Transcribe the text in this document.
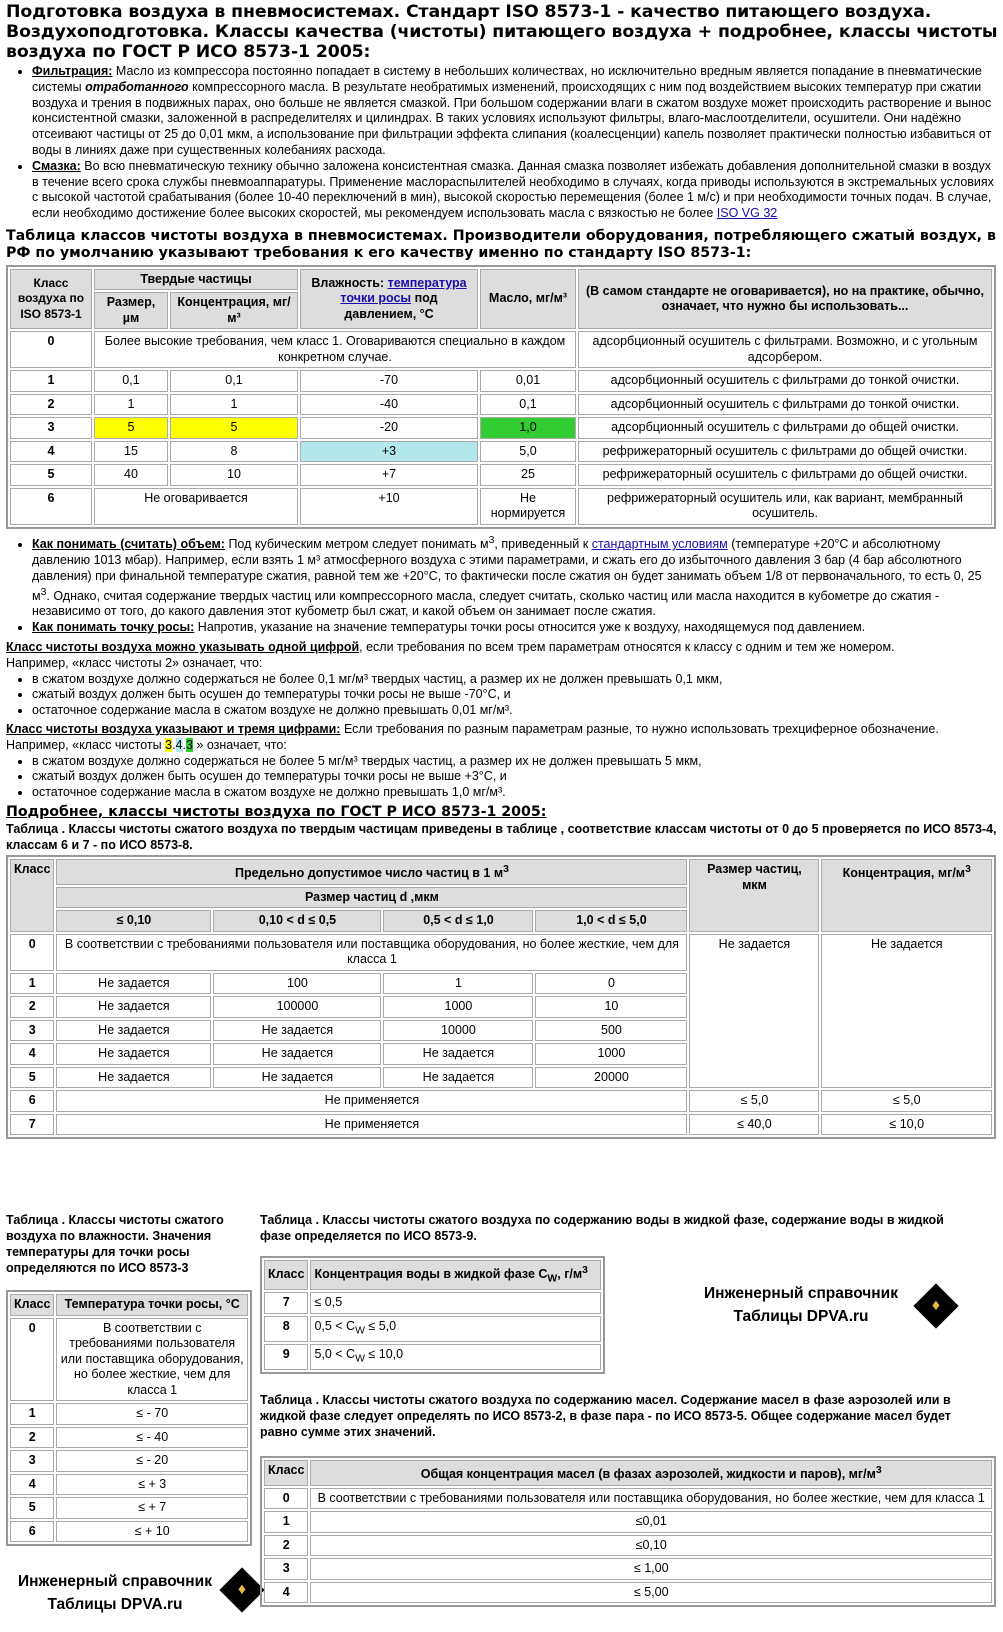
Подготовка воздуха в пневмосистемах. Стандарт ISO 8573-1 - качество питающего воздуха. Воздухоподготовка. Классы качества (чистоты) питающего воздуха + подробнее, классы чистоты воздуха по ГОСТ Р ИСО 8573-1 2005:
• Фильтрация: Масло из компрессора постоянно попадает в систему в небольших количествах, но исключительно вредным является попадание в пневматические системы отработанного компрессорного масла. В результате необратимых изменений, происходящих с ним под воздействием высоких температур при сжатии воздуха и трения в подвижных парах, оно больше не является смазкой. При большом содержании влаги в сжатом воздухе может происходить растворение и вынос консистентной смазки, заложенной в распределителях и цилиндрах. В таких условиях используют фильтры, влаго-маслоотделители, осушители. Они надёжно отсеивают частицы от 25 до 0,01 мкм, а использование при фильтрации эффекта слипания (коалесценции) капель позволяет практически полностью избавиться от воды в линиях даже при существенных колебаниях расхода.
• Смазка: Во всю пневматическую технику обычно заложена консистентная смазка. Данная смазка позволяет избежать добавления дополнительной смазки в воздух в течение всего срока службы пневмоаппаратуры. Применение маслораспылителей необходимо в случаях, когда приводы используются в экстремальных условиях с высокой частотой срабатывания (более 10-40 переключений в мин), высокой скоростью перемещения (более 1 м/с) и при необходимости точных подач. В случае, если необходимо достижение более высоких скоростей, мы рекомендуем использовать масла с вязкостью не более ISO VG 32
Таблица классов чистоты воздуха в пневмосистемах. Производители оборудования, потребляющего сжатый воздух, в РФ по умолчанию указывают требования к его качеству именно по стандарту ISO 8573-1:
Класс воздуха по ISO 8573-1	Твердые частицы		Влажность: температура точки росы под давлением, °C	Масло, мг/м³	(В самом стандарте не оговаривается), но на практике, обычно, означает, что нужно бы использовать...
	Размер, µм	Концентрация, мг/м³			
0	Более высокие требования, чем класс 1. Оговариваются специально в каждом конкретном случае.				адсорбционный осушитель с фильтрами. Возможно, и с угольным адсорбером.
1	0,1	0,1	-70	0,01	адсорбционный осушитель с фильтрами до тонкой очистки.
2	1	1	-40	0,1	адсорбционный осушитель с фильтрами до тонкой очистки.
3	5	5	-20	1,0	адсорбционный осушитель с фильтрами до общей очистки.
4	15	8	+3	5,0	рефрижераторный осушитель с фильтрами до общей очистки.
5	40	10	+7	25	рефрижераторный осушитель с фильтрами до общей очистки.
6	Не оговаривается		+10	Не нормируется	рефрижераторный осушитель или, как вариант, мембранный осушитель.
• Как понимать (считать) объем: Под кубическим метром следует понимать $м^3$, приведенный к стандартным условиям (температуре +20°C и абсолютному давлению 1013 мбар). Например, если взять 1 м³ атмосферного воздуха с этими параметрами, и сжать его до избыточного давления 3 бар (4 бар абсолютного давления) при финальной температуре сжатия, равной тем же +20°C, то фактически после сжатия он будет занимать объем 1/8 от первоначального, то есть 0, 25 $м^3$. Однако, считая содержание твердых частиц или компрессорного масла, следует считать, сколько частиц или масла находится в кубометре до сжатия - независимо от того, до какого давления этот кубометр был сжат, и какой объем он занимает после сжатия.
• Как понимать точку росы: Напротив, указание на значение температуры точки росы относится уже к воздуху, находящемуся под давлением.
Класс чистоты воздуха можно указывать одной цифрой, если требования по всем трем параметрам относятся к классу с одним и тем же номером.
Например, «класс чистоты 2» означает, что:
• в сжатом воздухе должно содержаться не более 0,1 мг/м³ твердых частиц, а размер их не должен превышать 0,1 мкм,
• сжатый воздух должен быть осушен до температуры точки росы не выше -70°C, и
• остаточное содержание масла в сжатом воздухе не должно превышать 0,01 мг/м³.
Класс чистоты воздуха указывают и тремя цифрами: Если требования по разным параметрам разные, то нужно использовать трехциферное обозначение.
Например, «класс чистоты 3.4.3 » означает, что:
• в сжатом воздухе должно содержаться не более 5 мг/м³ твердых частиц, а размер их не должен превышать 5 мкм,
• сжатый воздух должен быть осушен до температуры точки росы не выше +3°C, и
• остаточное содержание масла в сжатом воздухе не должно превышать 1,0 мг/м³.
Подробнее, классы чистоты воздуха по ГОСТ Р ИСО 8573-1 2005:
Таблица . Классы чистоты сжатого воздуха по твердым частицам приведены в таблице , соответствие классам чистоты от 0 до 5 проверяется по ИСО 8573-4, классам 6 и 7 - по ИСО 8573-8.
Класс	Предельно допустимое число частиц в 1 $м^3$				Размер частиц, мкм	Концентрация, $мг/м^3$
	Размер частиц d ,мкм					
	≤ 0,10	0,10 < d ≤ 0,5	0,5 < d ≤ 1,0	1,0 < d ≤ 5,0		
0	В соответствии с требованиями пользователя или поставщика оборудования, но более жесткие, чем для класса 1				Не задается	Не задается
1	Не задается	100	1	0		
2	Не задается	100000	1000	10		
3	Не задается	Не задается	10000	500		
4	Не задается	Не задается	Не задается	1000		
5	Не задается	Не задается	Не задается	20000		
6	Не применяется				≤ 5,0	≤ 5,0
7	Не применяется				≤ 40,0	≤ 10,0
Таблица . Классы чистоты сжатого воздуха по влажности. Значения температуры для точки росы определяются по ИСО 8573-3
Класс	Температура точки росы, °C
0	В соответствии с требованиями пользователя или поставщика оборудования, но более жесткие, чем для класса 1
1	≤ - 70
2	≤ - 40
3	≤ - 20
4	≤ + 3
5	≤ + 7
6	≤ + 10
Инженерный справочник
Таблицы DPVA.ru
♦
Таблица . Классы чистоты сжатого воздуха по содержанию воды в жидкой фазе, содержание воды в жидкой фазе определяется по ИСО 8573-9.
Класс	Концентрация воды в жидкой фазе $C_W$, $г/м^3$
7	≤ 0,5
8	$0,5 < C_W \le 5,0$
9	$5,0 < C_W \le 10,0$
Инженерный справочник
Таблицы DPVA.ru
♦
Таблица . Классы чистоты сжатого воздуха по содержанию масел. Содержание масел в фазе аэрозолей или в жидкой фазе следует определять по ИСО 8573-2, в фазе пара - по ИСО 8573-5. Общее содержание масел будет равно сумме этих значений.
Класс	Общая концентрация масел (в фазах аэрозолей, жидкости и паров), $мг/м^3$
0	В соответствии с требованиями пользователя или поставщика оборудования, но более жесткие, чем для класса 1
1	≤0,01
2	≤0,10
3	≤ 1,00
4	≤ 5,00
